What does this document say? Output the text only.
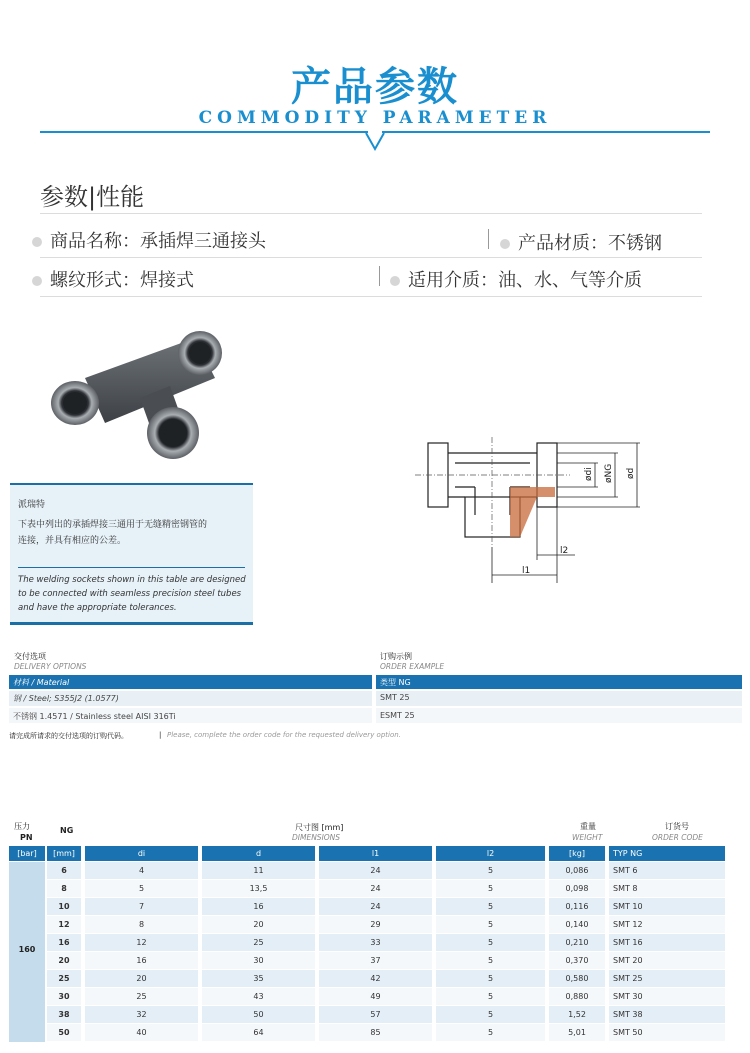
产品参数
COMMODITY PARAMETER
参数|性能
商品名称：承插焊三通接头	产品材质：不锈钢
螺纹形式：焊接式	适用介质：油、水、气等介质
ødi øNG ød
l2
l1
派瑞特
下表中列出的承插焊接三通用于无缝精密钢管的
连接，并具有相应的公差。
The welding sockets shown in this table are designed
to be connected with seamless precision steel tubes
and have the appropriate tolerances.
交付选项
DELIVERY OPTIONS
订购示例
ORDER EXAMPLE
材料 / Material	类型 NG
钢 / Steel; S355J2 (1.0577)	SMT 25
不锈钢 1.4571 / Stainless steel AISI 316Ti	ESMT 25
请完成所请求的交付选项的订购代码。	| Please, complete the order code for the requested delivery option.
压力
PN
NG	尺寸图 [mm]
DIMENSIONS
重量
WEIGHT
订货号
ORDER CODE
[bar]	[mm]	di	d	l1	l2	[kg]	TYP NG
	6	4	11	24	5	0,086	SMT 6
	8	5	13,5	24	5	0,098	SMT 8
	10	7	16	24	5	0,116	SMT 10
	12	8	20	29	5	0,140	SMT 12
	16	12	25	33	5	0,210	SMT 16
	20	16	30	37	5	0,370	SMT 20
	25	20	35	42	5	0,580	SMT 25
	30	25	43	49	5	0,880	SMT 30
	38	32	50	57	5	1,52	SMT 38
	50	40	64	85	5	5,01	SMT 50
160
